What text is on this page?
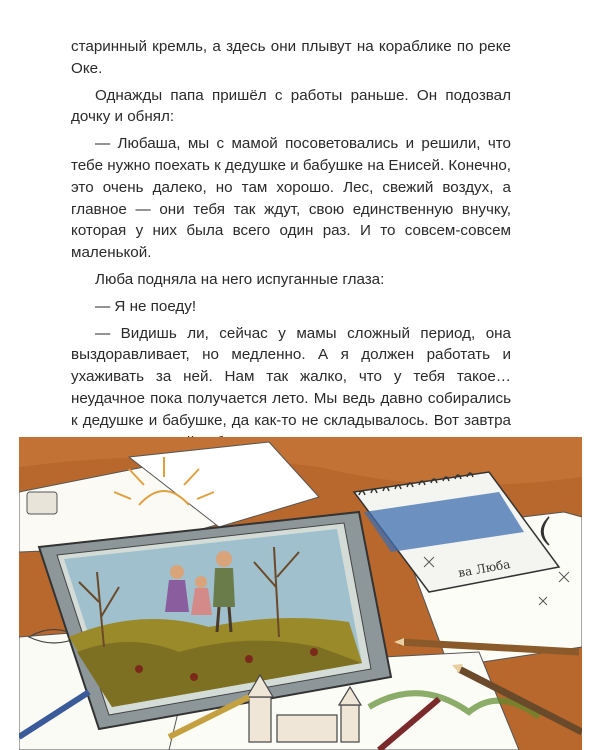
старинный кремль, а здесь они плывут на кораблике по реке Оке.

Однажды папа пришёл с работы раньше. Он подозвал дочку и обнял:

— Любаша, мы с мамой посоветовались и решили, что тебе нужно поехать к дедушке и бабушке на Енисей. Конечно, это очень далеко, но там хорошо. Лес, свежий воздух, а главное — они тебя так ждут, свою единственную внучку, которая у них была всего один раз. И то совсем-совсем маленькой.

Люба подняла на него испуганные глаза:

— Я не поеду!

— Видишь ли, сейчас у мамы сложный период, она выздоравливает, но медленно. А я должен работать и ухаживать за ней. Нам так жалко, что у тебя такое… неудачное пока получается лето. Мы ведь давно собирались к дедушке и бабушке, да как-то не складывалось. Вот завтра

ва Люба
